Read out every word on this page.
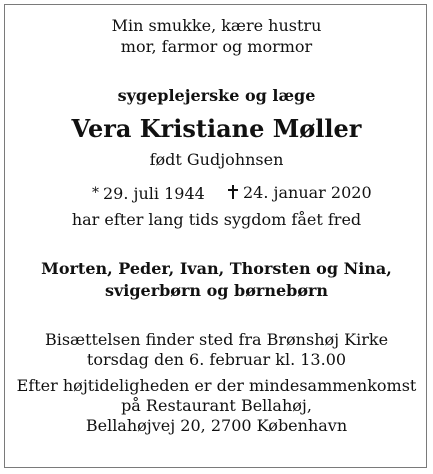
Min smukke, kære hustru
mor, farmor og mormor
sygeplejerske og læge
Vera Kristiane Møller
født Gudjohnsen
* 29. juli 1944	24. januar 2020
har efter lang tids sygdom fået fred
Morten, Peder, Ivan, Thorsten og Nina,
svigerbørn og børnebørn
Bisættelsen finder sted fra Brønshøj Kirke
torsdag den 6. februar kl. 13.00
Efter højtideligheden er der mindesammenkomst
på Restaurant Bellahøj,
Bellahøjvej 20, 2700 København
